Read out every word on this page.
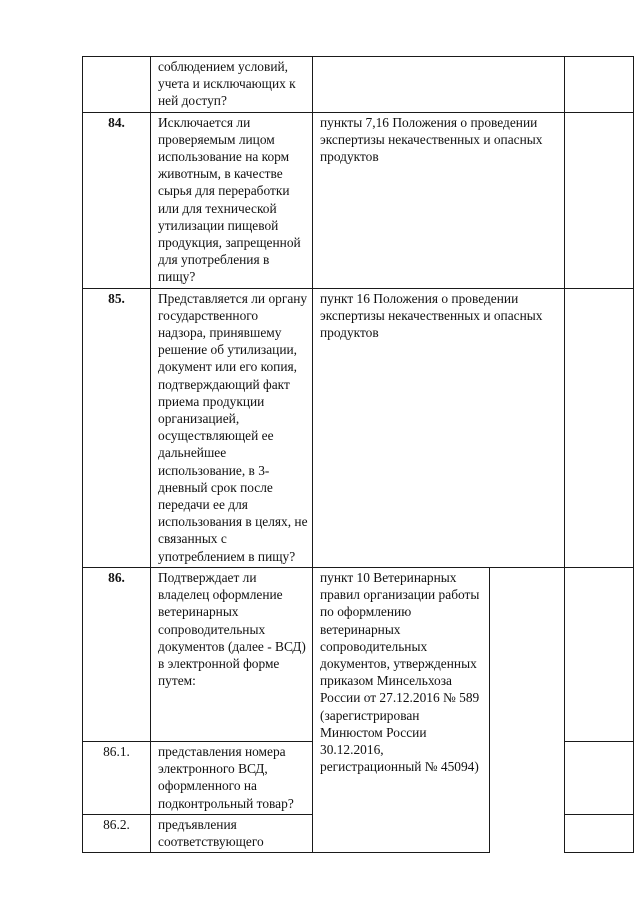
	соблюдением условий, учета и исключающих к ней доступ?			
84.	Исключается ли проверяемым лицом использование на корм животным, в качестве сырья для переработки или для технической утилизации пищевой продукция, запрещенной для употребления в пищу?	пункты 7,16 Положения о проведении экспертизы некачественных и опасных продуктов		
85.	Представляется ли органу государственного надзора, принявшему решение об утилизации, документ или его копия, подтверждающий факт приема продукции организацией, осуществляющей ее дальнейшее использование, в 3-дневный срок после передачи ее для использования в целях, не связанных с употреблением в пищу?	пункт 16 Положения о проведении экспертизы некачественных и опасных продуктов		
86.	Подтверждает ли владелец оформление ветеринарных сопроводительных документов (далее - ВСД) в электронной форме путем:	пункт 10 Ветеринарных правил организации работы по оформлению ветеринарных сопроводительных документов, утвержденных приказом Минсельхоза России от 27.12.2016 № 589 (зарегистрирован Минюстом России 30.12.2016, регистрационный № 45094)		
86.1.	представления номера электронного ВСД, оформленного на подконтрольный товар?			
86.2.	предъявления соответствующего			
